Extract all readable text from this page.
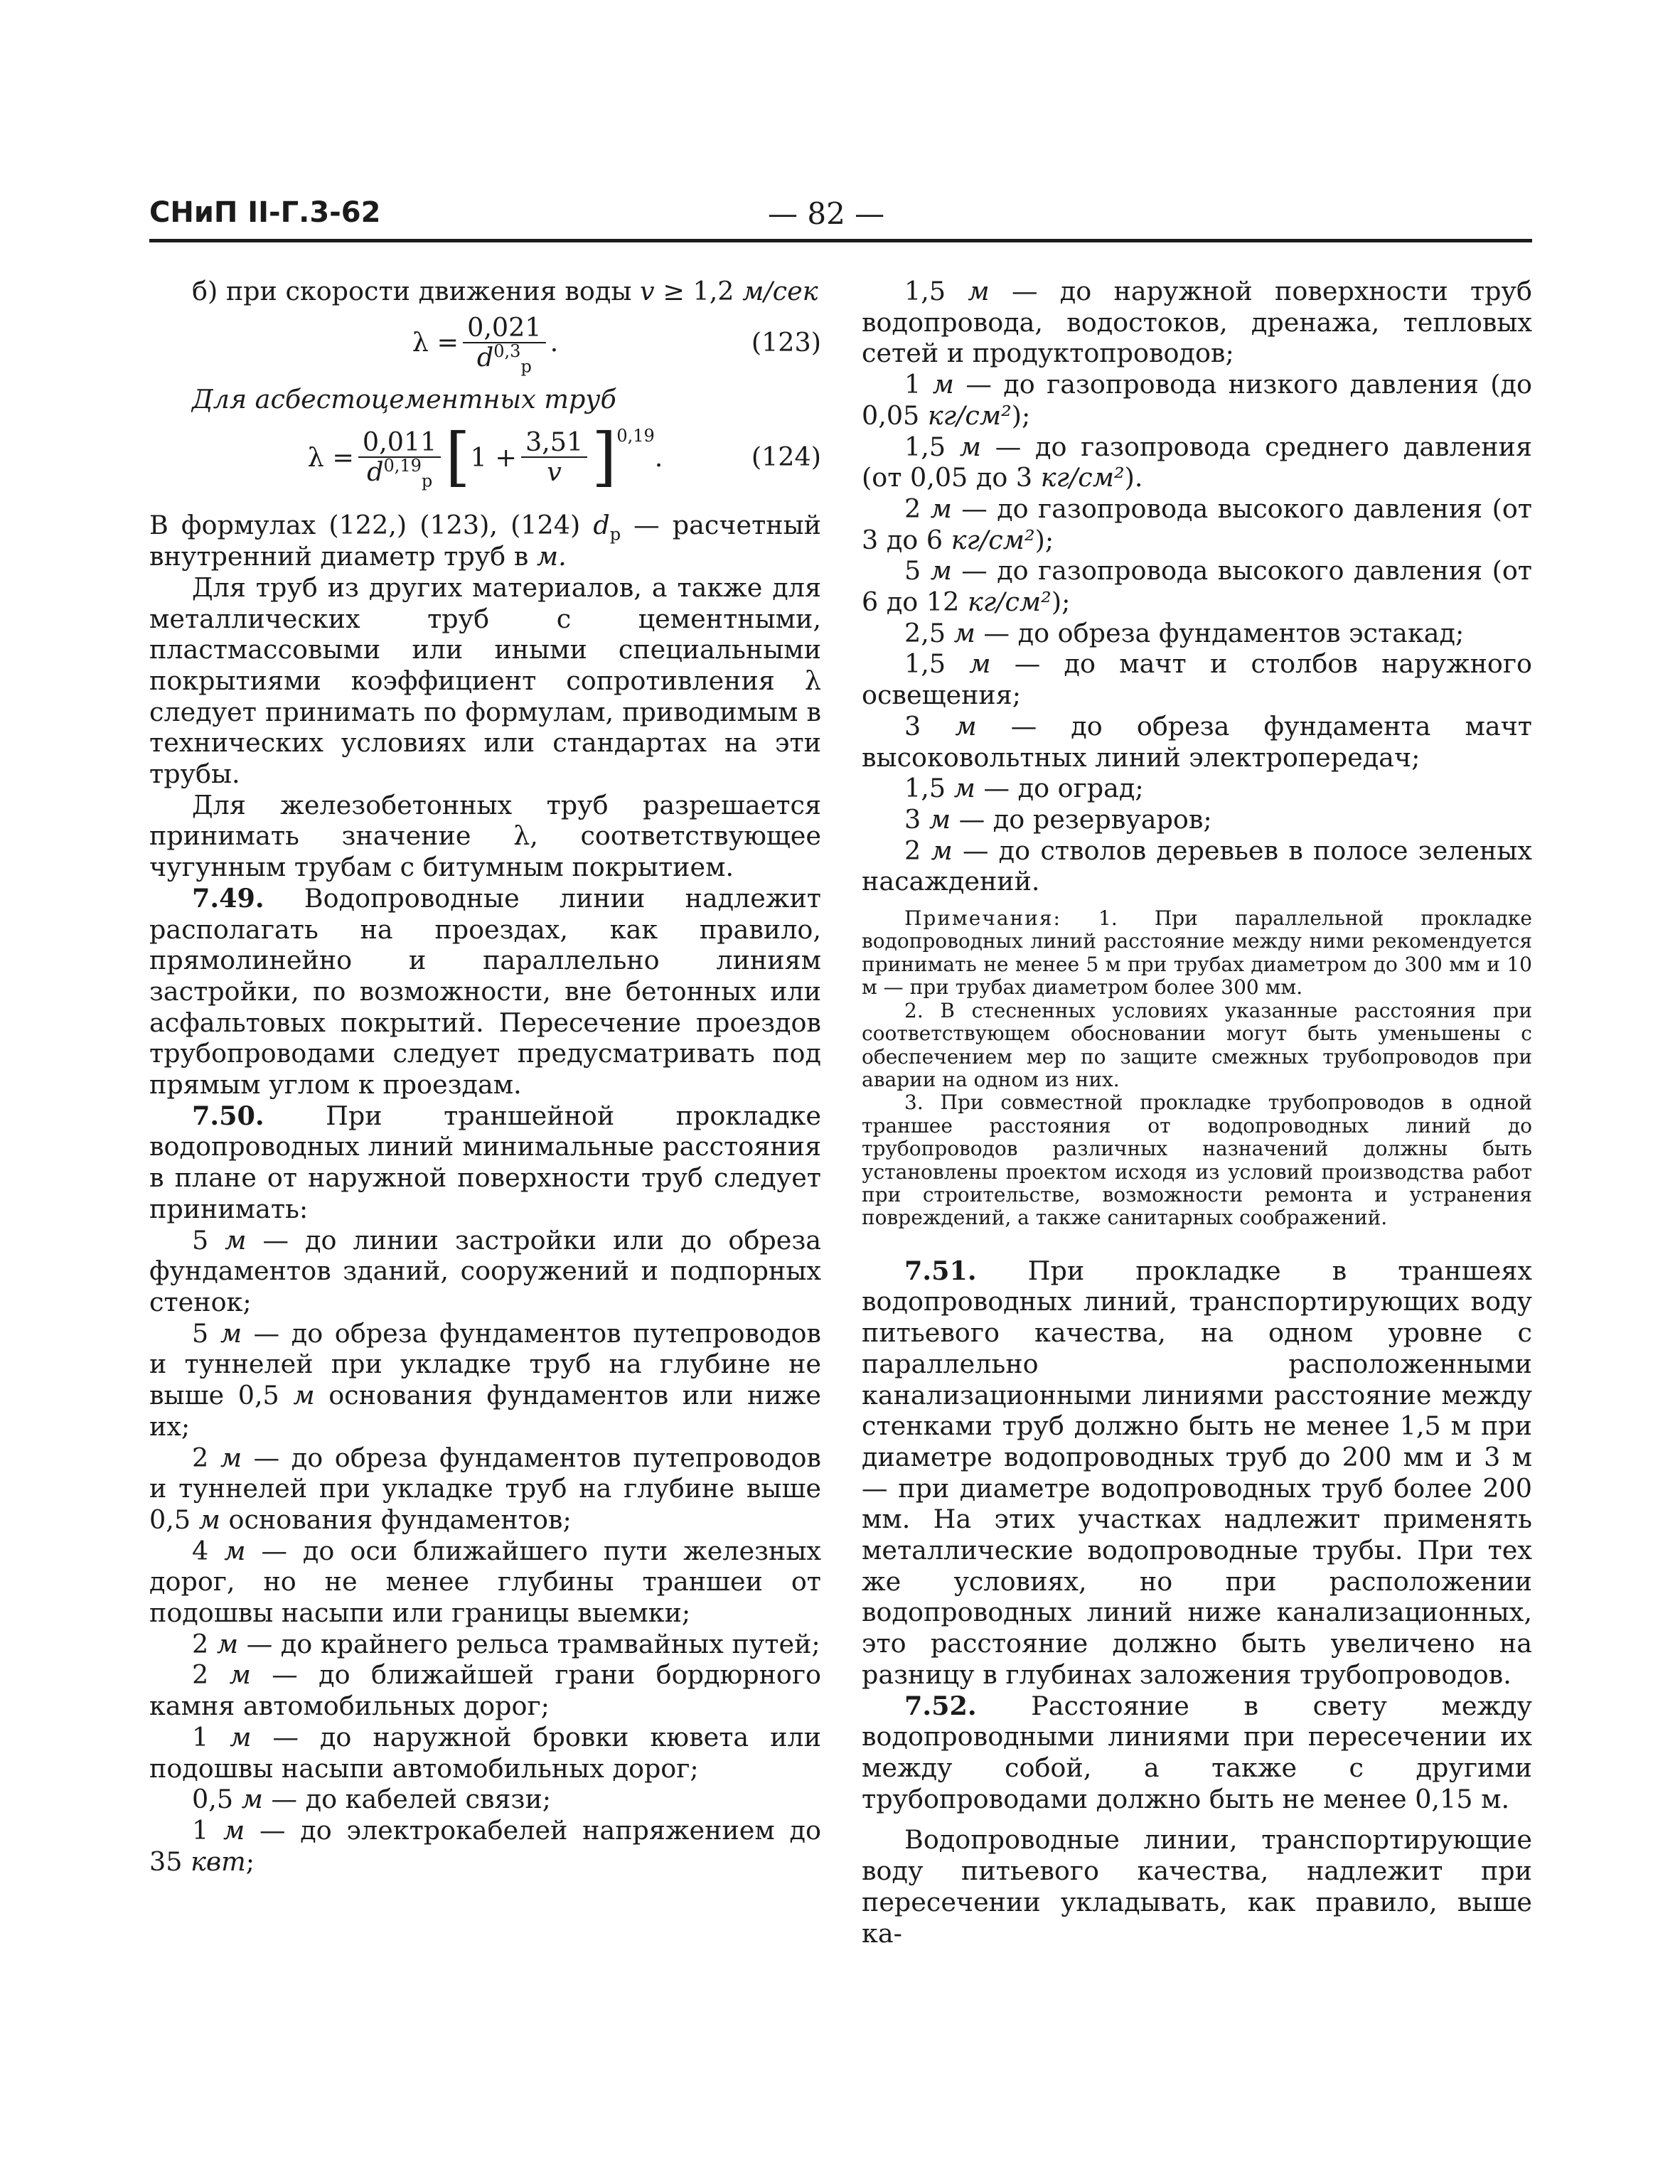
СНиП II-Г.3-62	— 82 —

б) при скорости движения воды v ≥ 1,2 м/сек

$\lambda = \frac{0,021}{d^{0,3}_р}$ .	(123)

Для асбестоцементных труб

$\lambda = \frac{0,011}{d^{0,19}_р}$ [ $1 + \frac{3,51}{v} ]^{0,19}$
.	(124)

В формулах (122,) (123), (124) $d_р$ — расчетный внутренний диаметр труб в м.

Для труб из других материалов, а также для металлических труб с цементными, пластмассовыми или иными специальными покрытиями коэффициент сопротивления λ следует принимать по формулам, приводимым в технических условиях или стандартах на эти трубы.

Для железобетонных труб разрешается принимать значение λ, соответствующее чугунным трубам с битумным покрытием.

7.49. Водопроводные линии надлежит располагать на проездах, как правило, прямолинейно и параллельно линиям застройки, по возможности, вне бетонных или асфальтовых покрытий. Пересечение проездов трубопроводами следует предусматривать под прямым углом к проездам.

7.50. При траншейной прокладке водопроводных линий минимальные расстояния в плане от наружной поверхности труб следует принимать:

5 м — до линии застройки или до обреза фундаментов зданий, сооружений и подпорных стенок;

5 м — до обреза фундаментов путепроводов и туннелей при укладке труб на глубине не выше 0,5 м основания фундаментов или ниже их;

2 м — до обреза фундаментов путепроводов и туннелей при укладке труб на глубине выше 0,5 м основания фундаментов;

4 м — до оси ближайшего пути железных дорог, но не менее глубины траншеи от подошвы насыпи или границы выемки;

2 м — до крайнего рельса трамвайных путей;

2 м — до ближайшей грани бордюрного камня автомобильных дорог;

1 м — до наружной бровки кювета или подошвы насыпи автомобильных дорог;

0,5 м — до кабелей связи;

1 м — до электрокабелей напряжением до 35 квт;

1,5 м — до наружной поверхности труб водопровода, водостоков, дренажа, тепловых сетей и продуктопроводов;

1 м — до газопровода низкого давления (до 0,05 кг/см²);

1,5 м — до газопровода среднего давления (от 0,05 до 3 кг/см²).

2 м — до газопровода высокого давления (от 3 до 6 кг/см²);

5 м — до газопровода высокого давления (от 6 до 12 кг/см²);

2,5 м — до обреза фундаментов эстакад;

1,5 м — до мачт и столбов наружного освещения;

3 м — до обреза фундамента мачт высоковольтных линий электропередач;

1,5 м — до оград;

3 м — до резервуаров;

2 м — до стволов деревьев в полосе зеленых насаждений.

Примечания: 1. При параллельной прокладке водопроводных линий расстояние между ними рекомендуется принимать не менее 5 м при трубах диаметром до 300 мм и 10 м — при трубах диаметром более 300 мм.

2. В стесненных условиях указанные расстояния при соответствующем обосновании могут быть уменьшены с обеспечением мер по защите смежных трубопроводов при аварии на одном из них.

3. При совместной прокладке трубопроводов в одной траншее расстояния от водопроводных линий до трубопроводов различных назначений должны быть установлены проектом исходя из условий производства работ при строительстве, возможности ремонта и устранения повреждений, а также санитарных соображений.

7.51. При прокладке в траншеях водопроводных линий, транспортирующих воду питьевого качества, на одном уровне с параллельно расположенными канализационными линиями расстояние между стенками труб должно быть не менее 1,5 м при диаметре водопроводных труб до 200 мм и 3 м — при диаметре водопроводных труб более 200 мм. На этих участках надлежит применять металлические водопроводные трубы. При тех же условиях, но при расположении водопроводных линий ниже канализационных, это расстояние должно быть увеличено на разницу в глубинах заложения трубопроводов.

7.52. Расстояние в свету между водопроводными линиями при пересечении их между собой, а также с другими трубопроводами должно быть не менее 0,15 м.

Водопроводные линии, транспортирующие воду питьевого качества, надлежит при пересечении укладывать, как правило, выше ка-
